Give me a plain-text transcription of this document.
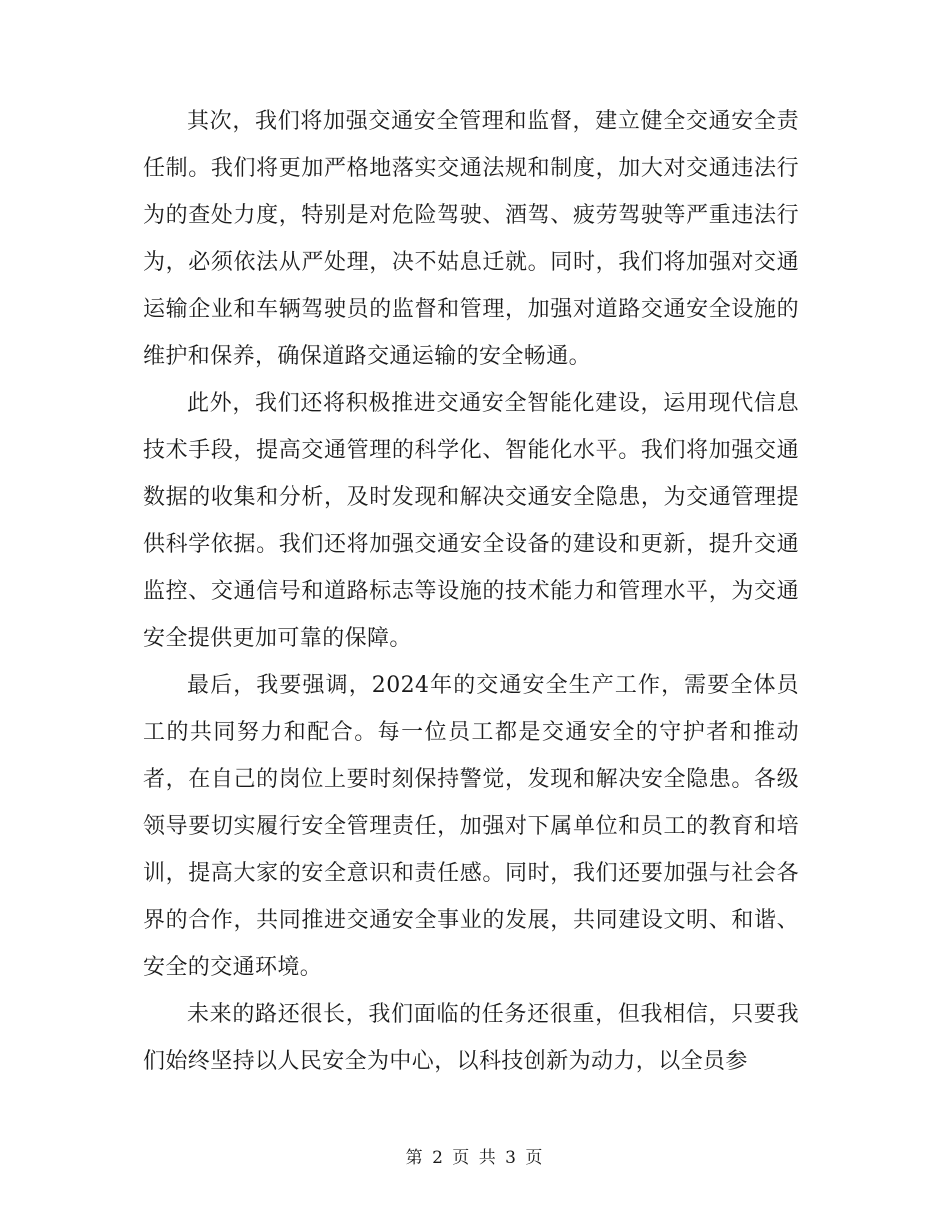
其次，我们将加强交通安全管理和监督，建立健全交通安全责任制。我们将更加严格地落实交通法规和制度，加大对交通违法行为的查处力度，特别是对危险驾驶、酒驾、疲劳驾驶等严重违法行为，必须依法从严处理，决不姑息迁就。同时，我们将加强对交通运输企业和车辆驾驶员的监督和管理，加强对道路交通安全设施的维护和保养，确保道路交通运输的安全畅通。

此外，我们还将积极推进交通安全智能化建设，运用现代信息技术手段，提高交通管理的科学化、智能化水平。我们将加强交通数据的收集和分析，及时发现和解决交通安全隐患，为交通管理提供科学依据。我们还将加强交通安全设备的建设和更新，提升交通监控、交通信号和道路标志等设施的技术能力和管理水平，为交通安全提供更加可靠的保障。

最后，我要强调，2024年的交通安全生产工作，需要全体员工的共同努力和配合。每一位员工都是交通安全的守护者和推动者，在自己的岗位上要时刻保持警觉，发现和解决安全隐患。各级领导要切实履行安全管理责任，加强对下属单位和员工的教育和培训，提高大家的安全意识和责任感。同时，我们还要加强与社会各界的合作，共同推进交通安全事业的发展，共同建设文明、和谐、安全的交通环境。

未来的路还很长，我们面临的任务还很重，但我相信，只要我们始终坚持以人民安全为中心，以科技创新为动力，以全员参

第 2 页 共 3 页
